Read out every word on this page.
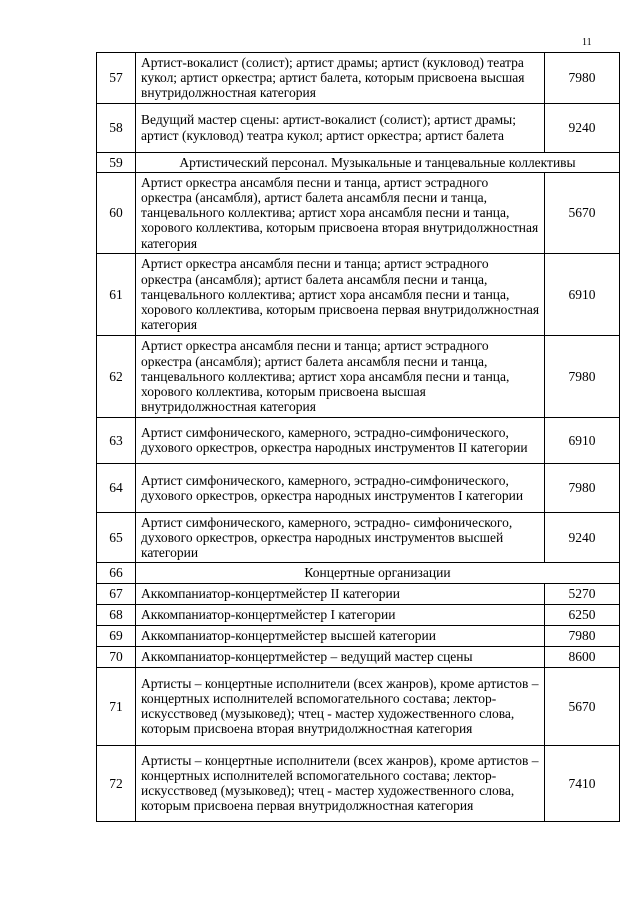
11
57	Артист-вокалист (солист); артист драмы; артист (кукловод) театра кукол; артист оркестра; артист балета, которым присвоена высшая внутридолжностная категория	7980
58	Ведущий мастер сцены: артист-вокалист (солист); артист драмы; артист (кукловод) театра кукол; артист оркестра; артист балета	9240
59	Артистический персонал. Музыкальные и танцевальные коллективы	
60	Артист оркестра ансамбля песни и танца, артист эстрадного оркестра (ансамбля), артист балета ансамбля песни и танца, танцевального коллектива; артист хора ансамбля песни и танца, хорового коллектива, которым присвоена вторая внутридолжностная категория	5670
61	Артист оркестра ансамбля песни и танца; артист эстрадного оркестра (ансамбля); артист балета ансамбля песни и танца, танцевального коллектива; артист хора ансамбля песни и танца, хорового коллектива, которым присвоена первая внутридолжностная категория	6910
62	Артист оркестра ансамбля песни и танца; артист эстрадного оркестра (ансамбля); артист балета ансамбля песни и танца, танцевального коллектива; артист хора ансамбля песни и танца, хорового коллектива, которым присвоена высшая внутридолжностная категория	7980
63	Артист симфонического, камерного, эстрадно-симфонического, духового оркестров, оркестра народных инструментов II категории	6910
64	Артист симфонического, камерного, эстрадно-симфонического, духового оркестров, оркестра народных инструментов I категории	7980
65	Артист симфонического, камерного, эстрадно- симфонического, духового оркестров, оркестра народных инструментов высшей категории	9240
66	Концертные организации	
67	Аккомпаниатор-концертмейстер II категории	5270
68	Аккомпаниатор-концертмейстер I категории	6250
69	Аккомпаниатор-концертмейстер высшей категории	7980
70	Аккомпаниатор-концертмейстер – ведущий мастер сцены	8600
71	Артисты – концертные исполнители (всех жанров), кроме артистов – концертных исполнителей вспомогательного состава; лектор-искусствовед (музыковед); чтец - мастер художественного слова, которым присвоена вторая внутридолжностная категория	5670
72	Артисты – концертные исполнители (всех жанров), кроме артистов – концертных исполнителей вспомогательного состава; лектор-искусствовед (музыковед); чтец - мастер художественного слова, которым присвоена первая внутридолжностная категория	7410
